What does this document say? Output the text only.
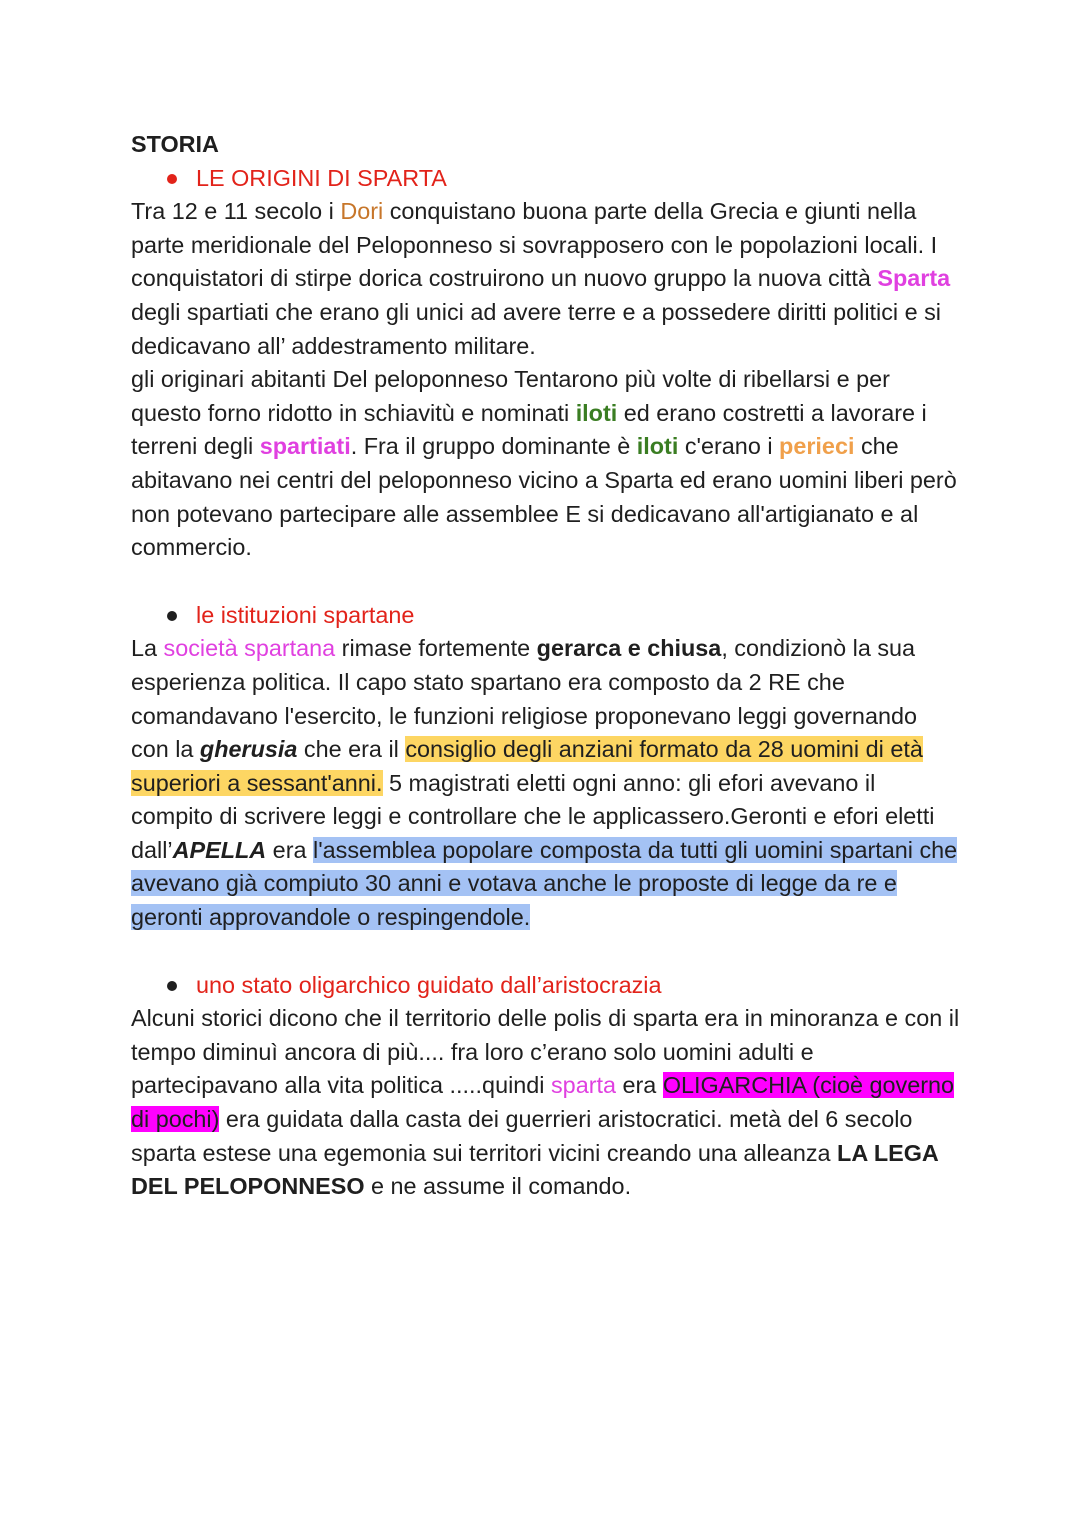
STORIA

LE ORIGINI DI SPARTA

Tra 12 e 11 secolo i Dori conquistano buona parte della Grecia e giunti nella parte meridionale del Peloponneso si sovrapposero con le popolazioni locali. I conquistatori di stirpe dorica costruirono un nuovo gruppo la nuova città Sparta degli spartiati che erano gli unici ad avere terre e a possedere diritti politici e si dedicavano all’ addestramento militare.

gli originari abitanti Del peloponneso Tentarono più volte di ribellarsi e per questo forno ridotto in schiavitù e nominati iloti ed erano costretti a lavorare i terreni degli spartiati. Fra il gruppo dominante è iloti c'erano i perieci che abitavano nei centri del peloponneso vicino a Sparta ed erano uomini liberi però non potevano partecipare alle assemblee E si dedicavano all'artigianato e al commercio.

le istituzioni spartane

La società spartana rimase fortemente gerarca e chiusa, condizionò la sua esperienza politica. Il capo stato spartano era composto da 2 RE che comandavano l'esercito, le funzioni religiose proponevano leggi governando con la gherusia che era il consiglio degli anziani formato da 28 uomini di età superiori a sessant'anni. 5 magistrati eletti ogni anno: gli efori avevano il compito di scrivere leggi e controllare che le applicassero.Geronti e efori eletti dall’APELLA era l'assemblea popolare composta da tutti gli uomini spartani che avevano già compiuto 30 anni e votava anche le proposte di legge da re e geronti approvandole o respingendole.

uno stato oligarchico guidato dall’aristocrazia

Alcuni storici dicono che il territorio delle polis di sparta era in minoranza e con il tempo diminuì ancora di più.... fra loro c’erano solo uomini adulti e partecipavano alla vita politica .....quindi sparta era OLIGARCHIA (cioè governo di pochi) era guidata dalla casta dei guerrieri aristocratici. metà del 6 secolo sparta estese una egemonia sui territori vicini creando una alleanza LA LEGA DEL PELOPONNESO e ne assume il comando.
